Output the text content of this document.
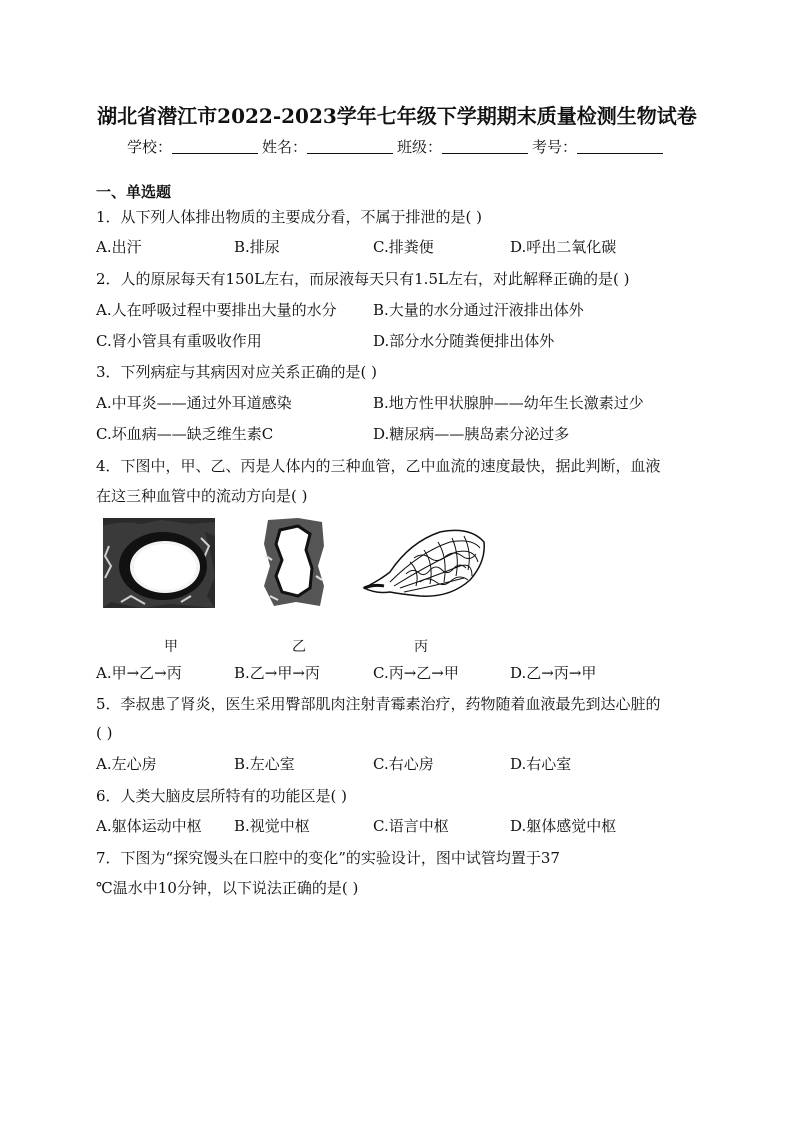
湖北省潜江市2022-2023学年七年级下学期期末质量检测生物试卷
学校：	姓名：	班级：	考号：
一、单选题
1．从下列人体排出物质的主要成分看，不属于排泄的是( )
A.出汗	B.排尿	C.排粪便	D.呼出二氧化碳
2．人的原尿每天有150L左右，而尿液每天只有1.5L左右，对此解释正确的是( )
A.人在呼吸过程中要排出大量的水分 B.大量的水分通过汗液排出体外
C.肾小管具有重吸收作用	D.部分水分随粪便排出体外
3．下列病症与其病因对应关系正确的是( )
A.中耳炎——通过外耳道感染	B.地方性甲状腺肿——幼年生长激素过少
C.坏血病——缺乏维生素C	D.糖尿病——胰岛素分泌过多
4．下图中，甲、乙、丙是人体内的三种血管，乙中血流的速度最快，据此判断，血液
在这三种血管中的流动方向是( )
甲	乙	丙
A.甲→乙→丙	B.乙→甲→丙	C.丙→乙→甲	D.乙→丙→甲
5．李叔患了肾炎，医生采用臀部肌肉注射青霉素治疗，药物随着血液最先到达心脏的
( )
A.左心房	B.左心室	C.右心房	D.右心室
6．人类大脑皮层所特有的功能区是( )
A.躯体运动中枢 B.视觉中枢	C.语言中枢	D.躯体感觉中枢
7．下图为“探究馒头在口腔中的变化”的实验设计，图中试管均置于37
℃温水中10分钟，以下说法正确的是( )
